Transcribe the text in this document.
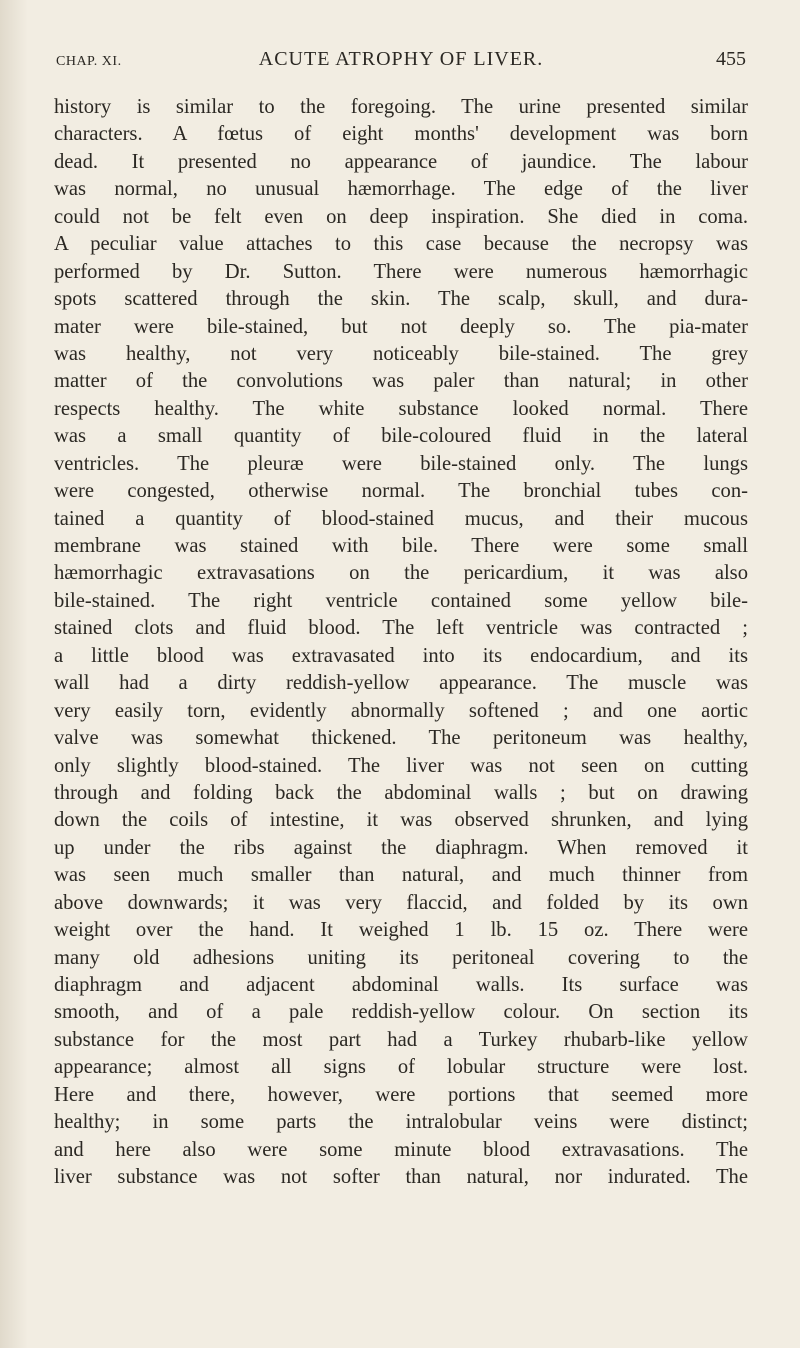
CHAP. XI.	ACUTE ATROPHY OF LIVER.	455
history is similar to the foregoing. The urine presented similar
characters. A fœtus of eight months' development was born
dead. It presented no appearance of jaundice. The labour
was normal, no unusual hæmorrhage. The edge of the liver
could not be felt even on deep inspiration. She died in coma.
A peculiar value attaches to this case because the necropsy was
performed by Dr. Sutton. There were numerous hæmorrhagic
spots scattered through the skin. The scalp, skull, and dura-
mater were bile-stained, but not deeply so. The pia-mater
was healthy, not very noticeably bile-stained. The grey
matter of the convolutions was paler than natural; in other
respects healthy. The white substance looked normal. There
was a small quantity of bile-coloured fluid in the lateral
ventricles. The pleuræ were bile-stained only. The lungs
were congested, otherwise normal. The bronchial tubes con-
tained a quantity of blood-stained mucus, and their mucous
membrane was stained with bile. There were some small
hæmorrhagic extravasations on the pericardium, it was also
bile-stained. The right ventricle contained some yellow bile-
stained clots and fluid blood. The left ventricle was contracted ;
a little blood was extravasated into its endocardium, and its
wall had a dirty reddish-yellow appearance. The muscle was
very easily torn, evidently abnormally softened ; and one aortic
valve was somewhat thickened. The peritoneum was healthy,
only slightly blood-stained. The liver was not seen on cutting
through and folding back the abdominal walls ; but on drawing
down the coils of intestine, it was observed shrunken, and lying
up under the ribs against the diaphragm. When removed it
was seen much smaller than natural, and much thinner from
above downwards; it was very flaccid, and folded by its own
weight over the hand. It weighed 1 lb. 15 oz. There were
many old adhesions uniting its peritoneal covering to the
diaphragm and adjacent abdominal walls. Its surface was
smooth, and of a pale reddish-yellow colour. On section its
substance for the most part had a Turkey rhubarb-like yellow
appearance; almost all signs of lobular structure were lost.
Here and there, however, were portions that seemed more
healthy; in some parts the intralobular veins were distinct;
and here also were some minute blood extravasations. The
liver substance was not softer than natural, nor indurated. The
